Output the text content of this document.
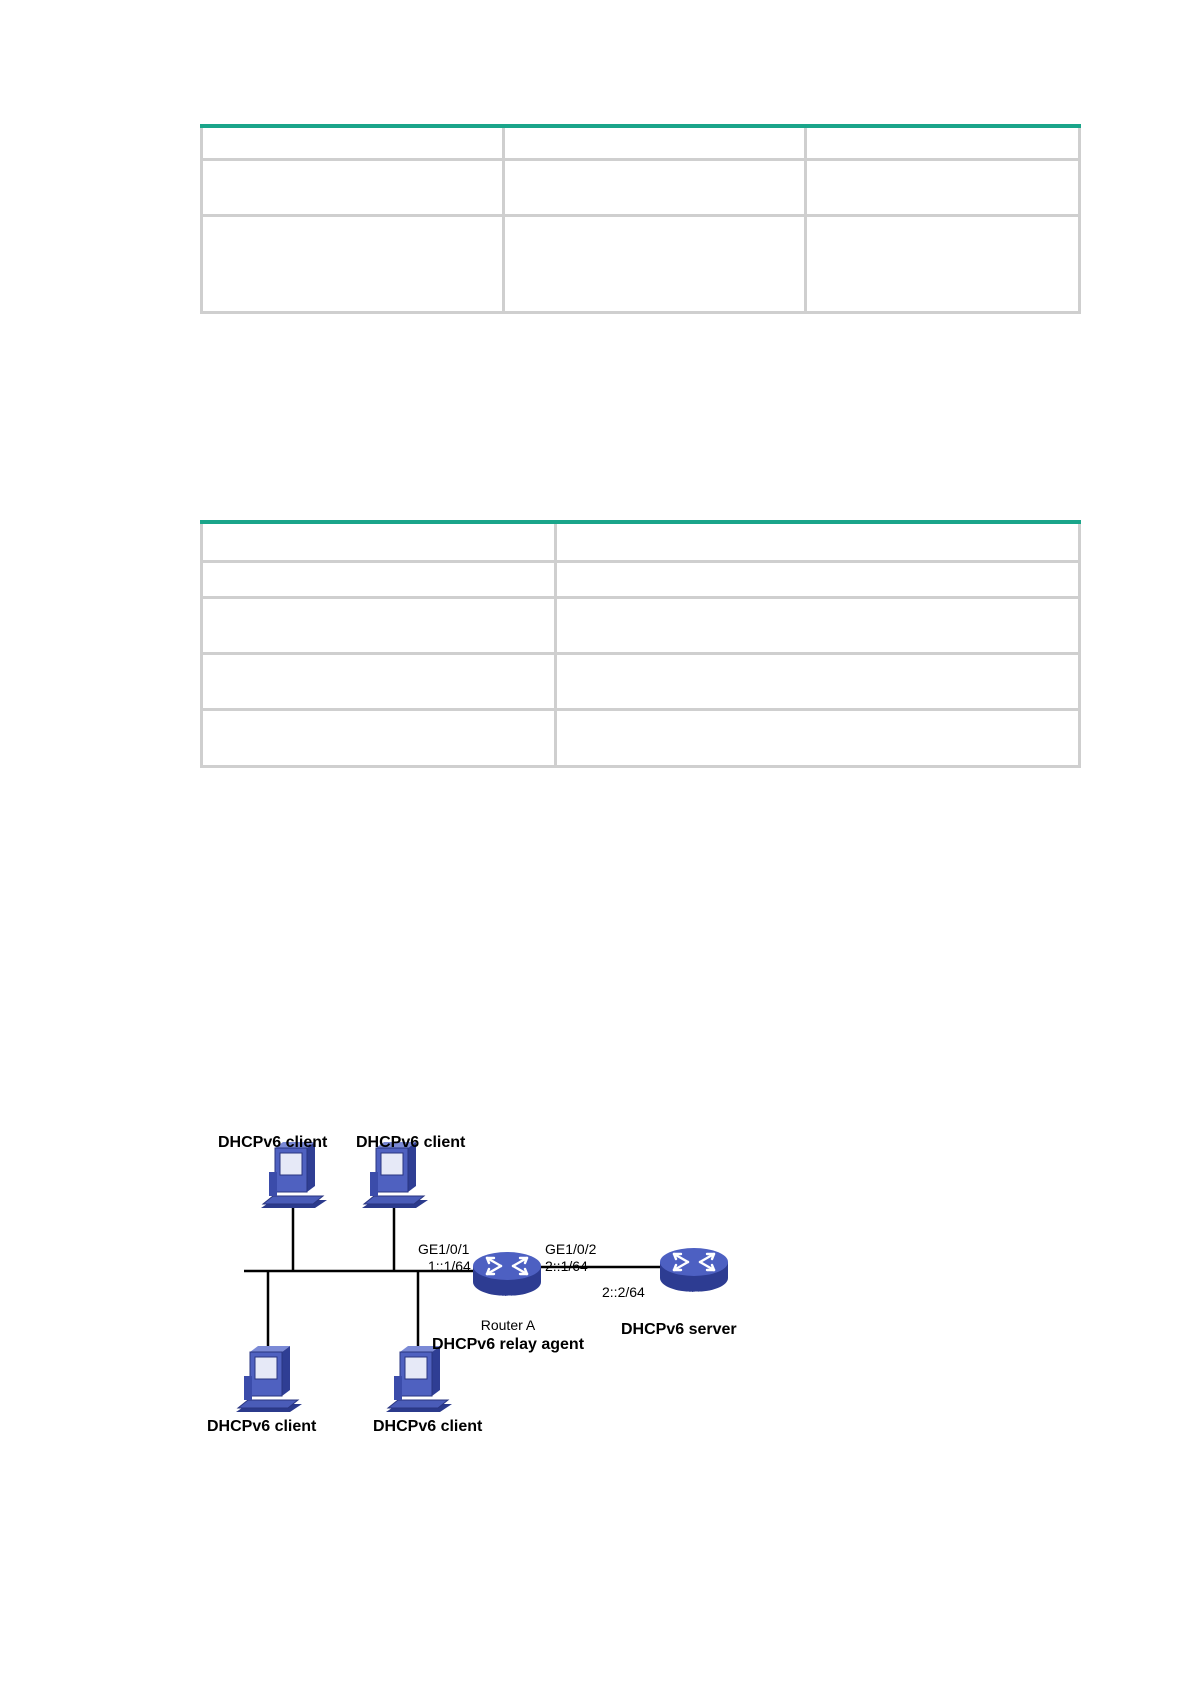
ROUTER
ROUTER
DHCPv6 client DHCPv6 client
DHCPv6 client	DHCPv6 client
GE1/0/1
1::1/64
GE1/0/2
2::1/64
2::2/64
Router A
DHCPv6 relay agent
DHCPv6 server
